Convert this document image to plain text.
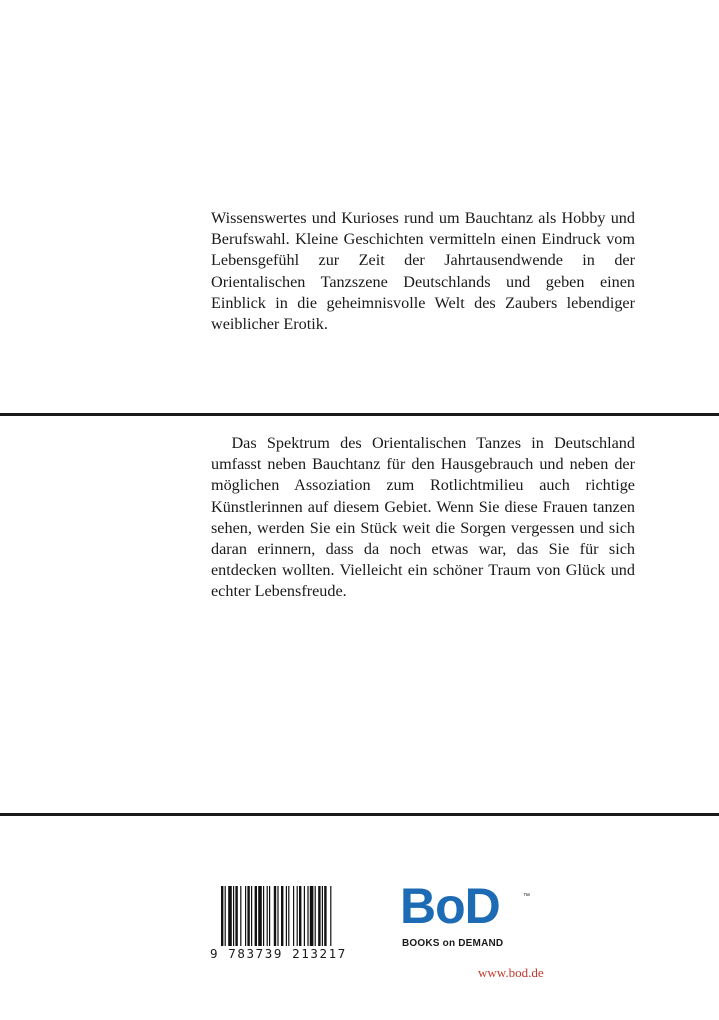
Wissenswertes und Kurioses rund um Bauchtanz als Hobby und Berufswahl. Kleine Geschichten vermitteln einen Eindruck vom Lebensgefühl zur Zeit der Jahrtausendwende in der Orientalischen Tanzszene Deutschlands und geben einen Einblick in die geheimnisvolle Welt des Zaubers lebendiger weiblicher Erotik.

Das Spektrum des Orientalischen Tanzes in Deutschland umfasst neben Bauchtanz für den Hausgebrauch und neben der möglichen Assoziation zum Rotlichtmilieu auch richtige Künstlerinnen auf diesem Gebiet. Wenn Sie diese Frauen tanzen sehen, werden Sie ein Stück weit die Sorgen vergessen und sich daran erinnern, dass da noch etwas war, das Sie für sich entdecken wollten. Vielleicht ein schöner Traum von Glück und echter Lebensfreude.

9 783739 213217
BoD	™
BOOKS on DEMAND
www.bod.de
